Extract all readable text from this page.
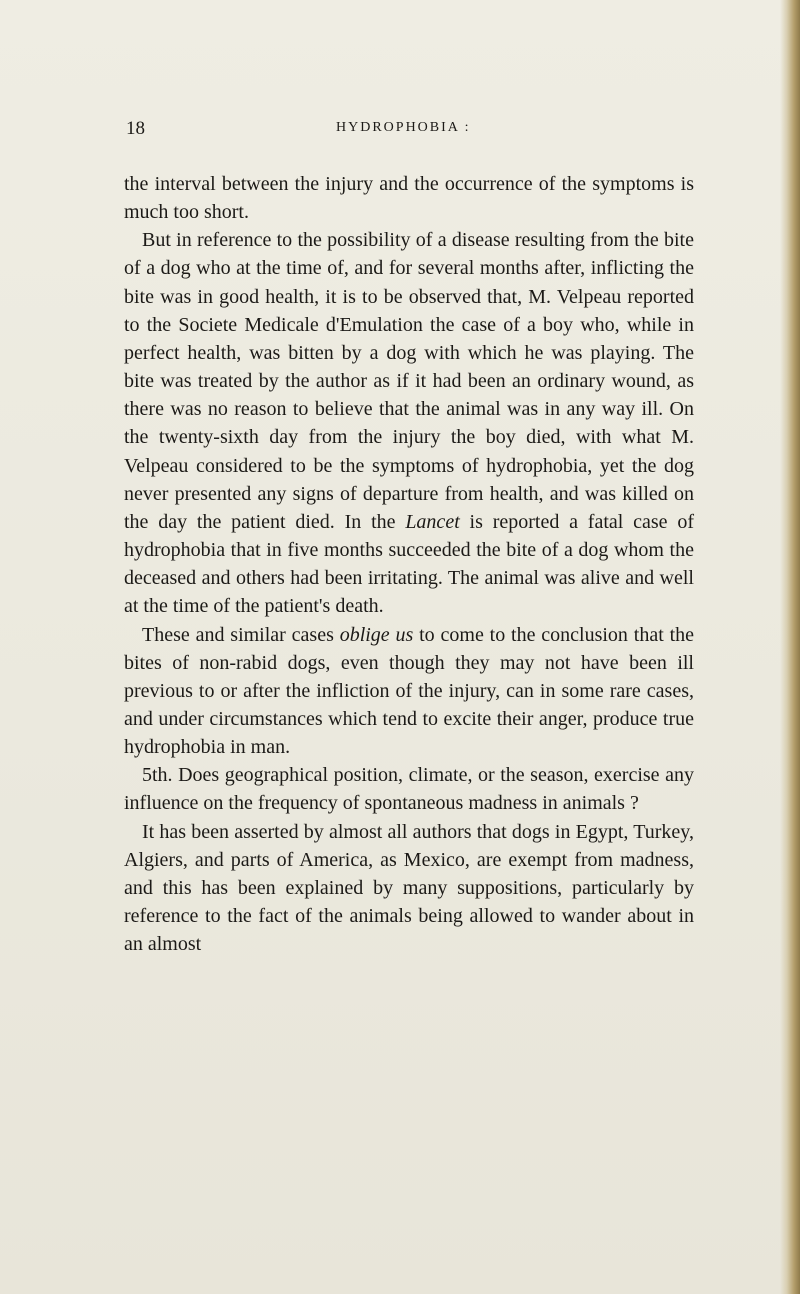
18	HYDROPHOBIA :

the interval between the injury and the occurrence of the symptoms is much too short.

But in reference to the possibility of a disease resulting from the bite of a dog who at the time of, and for several months after, inflicting the bite was in good health, it is to be observed that, M. Velpeau reported to the Societe Medicale d'Emulation the case of a boy who, while in perfect health, was bitten by a dog with which he was playing. The bite was treated by the author as if it had been an ordinary wound, as there was no reason to believe that the animal was in any way ill. On the twenty-sixth day from the injury the boy died, with what M. Velpeau considered to be the symptoms of hydrophobia, yet the dog never presented any signs of departure from health, and was killed on the day the patient died. In the Lancet is reported a fatal case of hydrophobia that in five months succeeded the bite of a dog whom the deceased and others had been irritating. The animal was alive and well at the time of the patient's death.

These and similar cases oblige us to come to the conclusion that the bites of non-rabid dogs, even though they may not have been ill previous to or after the infliction of the injury, can in some rare cases, and under circumstances which tend to excite their anger, produce true hydrophobia in man.

5th. Does geographical position, climate, or the season, exercise any influence on the frequency of spontaneous madness in animals ?

It has been asserted by almost all authors that dogs in Egypt, Turkey, Algiers, and parts of America, as Mexico, are exempt from madness, and this has been explained by many suppositions, particularly by reference to the fact of the animals being allowed to wander about in an almost
